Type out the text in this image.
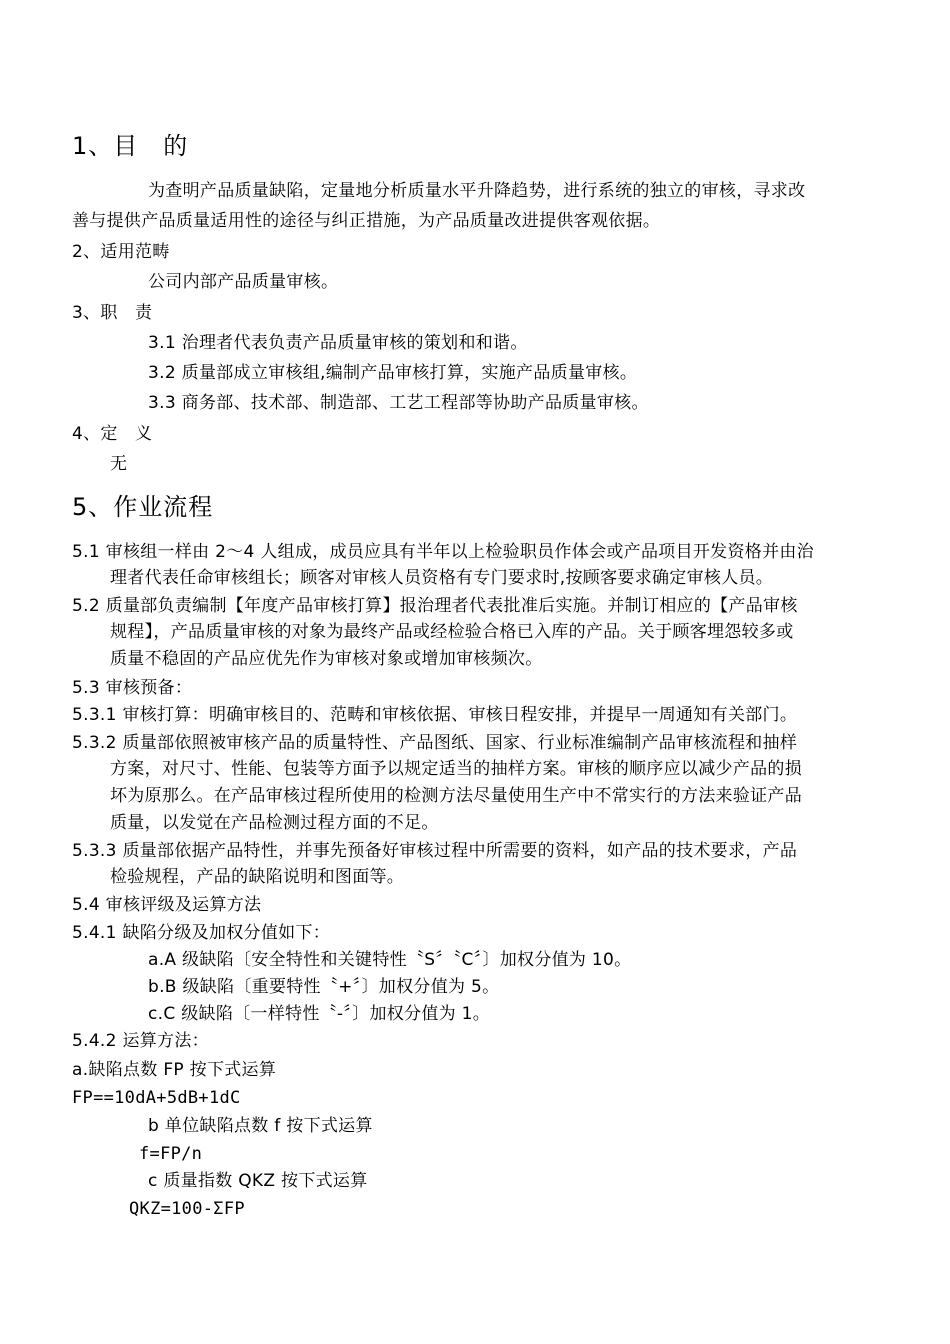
1、目　的
为查明产品质量缺陷，定量地分析质量水平升降趋势，进行系统的独立的审核，寻求改
善与提供产品质量适用性的途径与纠正措施，为产品质量改进提供客观依据。
2、适用范畴
公司内部产品质量审核。
3、职　责
3.1 治理者代表负责产品质量审核的策划和和谐。
3.2 质量部成立审核组,编制产品审核打算，实施产品质量审核。
3.3 商务部、技术部、制造部、工艺工程部等协助产品质量审核。
4、定　义
无
5、作业流程
5.1 审核组一样由 2～4 人组成，成员应具有半年以上检验职员作体会或产品项目开发资格并由治
理者代表任命审核组长；顾客对审核人员资格有专门要求时,按顾客要求确定审核人员。
5.2 质量部负责编制【年度产品审核打算】报治理者代表批准后实施。并制订相应的【产品审核
规程】，产品质量审核的对象为最终产品或经检验合格已入库的产品。关于顾客埋怨较多或
质量不稳固的产品应优先作为审核对象或增加审核频次。
5.3 审核预备：
5.3.1 审核打算：明确审核目的、范畴和审核依据、审核日程安排，并提早一周通知有关部门。
5.3.2 质量部依照被审核产品的质量特性、产品图纸、国家、行业标准编制产品审核流程和抽样
方案，对尺寸、性能、包装等方面予以规定适当的抽样方案。审核的顺序应以减少产品的损
坏为原那么。在产品审核过程所使用的检测方法尽量使用生产中不常实行的方法来验证产品
质量，以发觉在产品检测过程方面的不足。
5.3.3 质量部依据产品特性，并事先预备好审核过程中所需要的资料，如产品的技术要求，产品
检验规程，产品的缺陷说明和图面等。
5.4 审核评级及运算方法
5.4.1 缺陷分级及加权分值如下：
a.A 级缺陷〔安全特性和关键特性〝S〞〝C〞〕加权分值为 10。
b.B 级缺陷〔重要特性〝+〞〕加权分值为 5。
c.C 级缺陷〔一样特性〝-〞〕加权分值为 1。
5.4.2 运算方法：
a.缺陷点数 FP 按下式运算
FP==10dA+5dB+1dC
b 单位缺陷点数 f 按下式运算
f=FP/n
c 质量指数 QKZ 按下式运算
QKZ=100-ΣFP
